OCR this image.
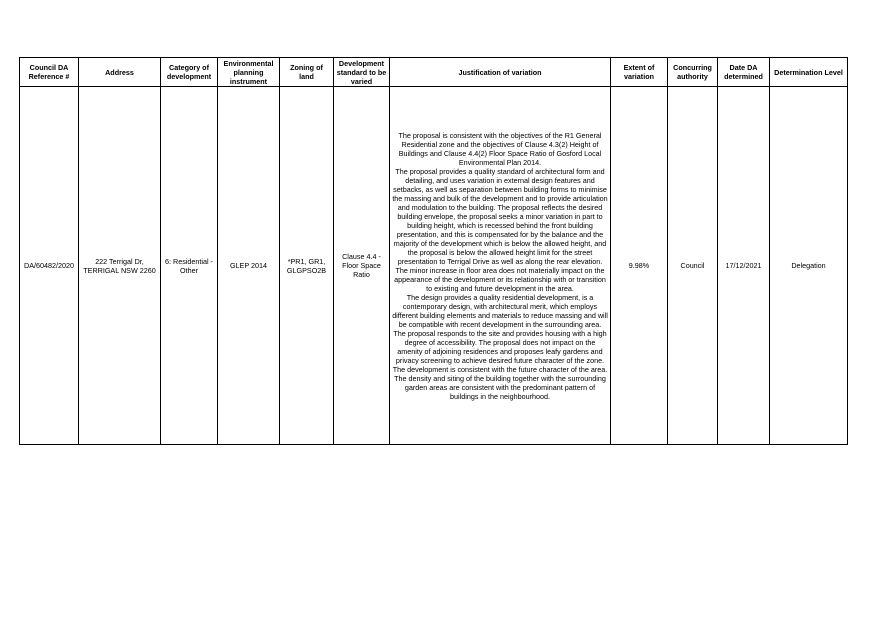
Council DA Reference #	Address	Category of development	Environmental planning instrument	Zoning of land	Development standard to be varied	Justification of variation	Extent of variation	Concurring authority	Date DA determined	Determination Level
DA/60482/2020	222 Terrigal Dr, TERRIGAL NSW 2260	6: Residential - Other	GLEP 2014	*PR1, GR1, GLGPSO2B	Clause 4.4 - Floor Space Ratio	The proposal is consistent with the objectives of the R1 General Residential zone and the objectives of Clause 4.3(2) Height of Buildings and Clause 4.4(2) Floor Space Ratio of Gosford Local Environmental Plan 2014.
The proposal provides a quality standard of architectural form and detailing, and uses variation in external design features and setbacks, as well as separation between building forms to minimise the massing and bulk of the development and to provide articulation and modulation to the building. The proposal reflects the desired building envelope, the proposal seeks a minor variation in part to
building height, which is recessed behind the front building presentation, and this is compensated for by the balance and the majority of the development which is below the allowed height, and the proposal is below the allowed height limit for the street presentation to Terrigal Drive as well as along the rear elevation. The minor increase in floor area does not materially impact on the appearance of the development or its relationship with or transition to existing and future development in the area.
The design provides a quality residential development, is a contemporary design, with architectural merit, which employs different building elements and materials to reduce massing and will be compatible with recent development in the surrounding area. The proposal responds to the site and provides housing with a high degree of accessibility. The proposal does not impact on the amenity of adjoining residences and proposes leafy gardens and privacy screening to achieve desired future character of the zone. The development is consistent with the future character of the area. The density and siting of the building together with the surrounding garden areas are consistent with the predominant pattern of buildings in the neighbourhood.	9.98%	Council	17/12/2021	Delegation
